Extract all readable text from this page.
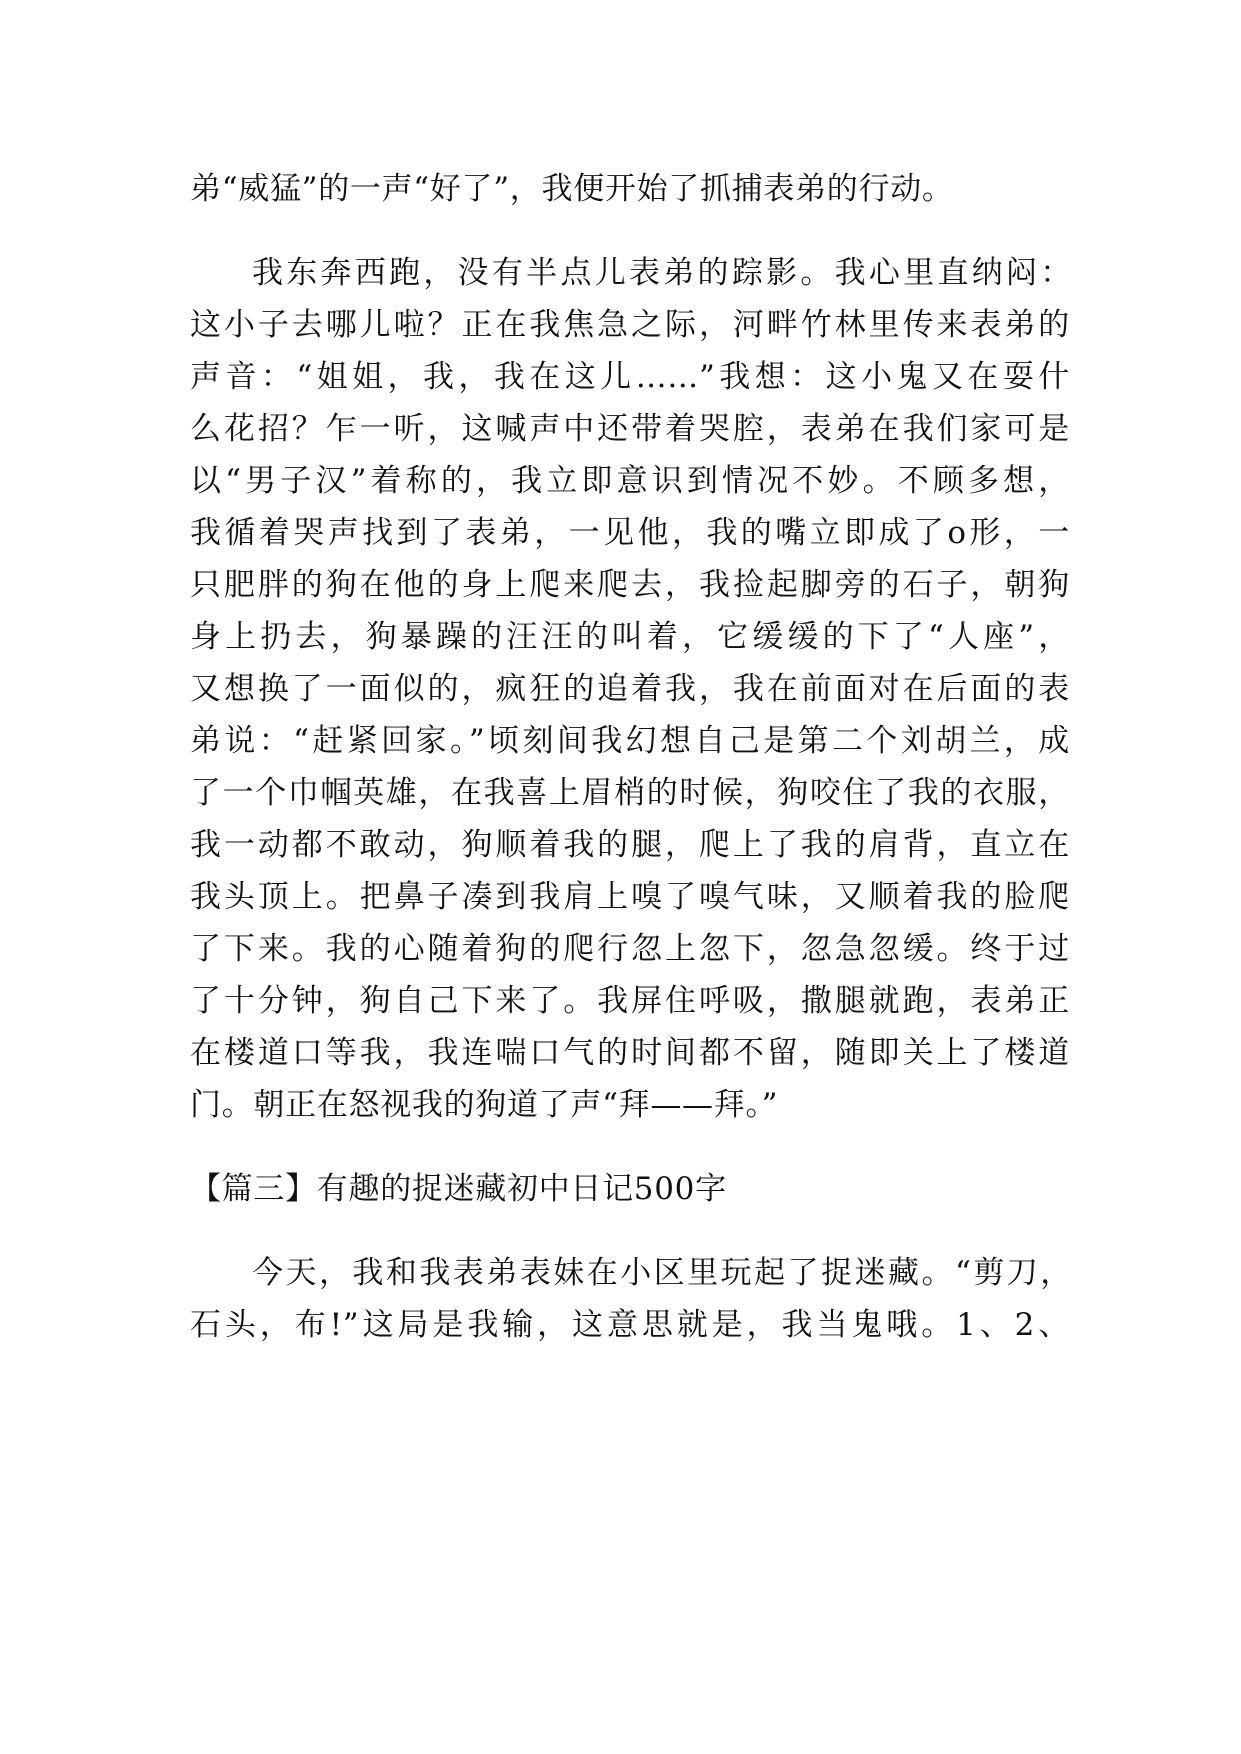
弟“威猛”的一声“好了”，我便开始了抓捕表弟的行动。
我东奔西跑，没有半点儿表弟的踪影。我心里直纳闷：
这小子去哪儿啦？正在我焦急之际，河畔竹林里传来表弟的
声音：“姐姐，我，我在这儿……”我想：这小鬼又在耍什
么花招？乍一听，这喊声中还带着哭腔，表弟在我们家可是
以“男子汉”着称的，我立即意识到情况不妙。不顾多想，
我循着哭声找到了表弟，一见他，我的嘴立即成了o形，一
只肥胖的狗在他的身上爬来爬去，我捡起脚旁的石子，朝狗
身上扔去，狗暴躁的汪汪的叫着，它缓缓的下了“人座”，
又想换了一面似的，疯狂的追着我，我在前面对在后面的表
弟说：“赶紧回家。”顷刻间我幻想自己是第二个刘胡兰，成
了一个巾帼英雄，在我喜上眉梢的时候，狗咬住了我的衣服，
我一动都不敢动，狗顺着我的腿，爬上了我的肩背，直立在
我头顶上。把鼻子凑到我肩上嗅了嗅气味，又顺着我的脸爬
了下来。我的心随着狗的爬行忽上忽下，忽急忽缓。终于过
了十分钟，狗自己下来了。我屏住呼吸，撒腿就跑，表弟正
在楼道口等我，我连喘口气的时间都不留，随即关上了楼道
门。朝正在怒视我的狗道了声“拜——拜。”
【篇三】有趣的捉迷藏初中日记500字
今天，我和我表弟表妹在小区里玩起了捉迷藏。“剪刀，
石头，布!”这局是我输，这意思就是，我当鬼哦。1、2、
